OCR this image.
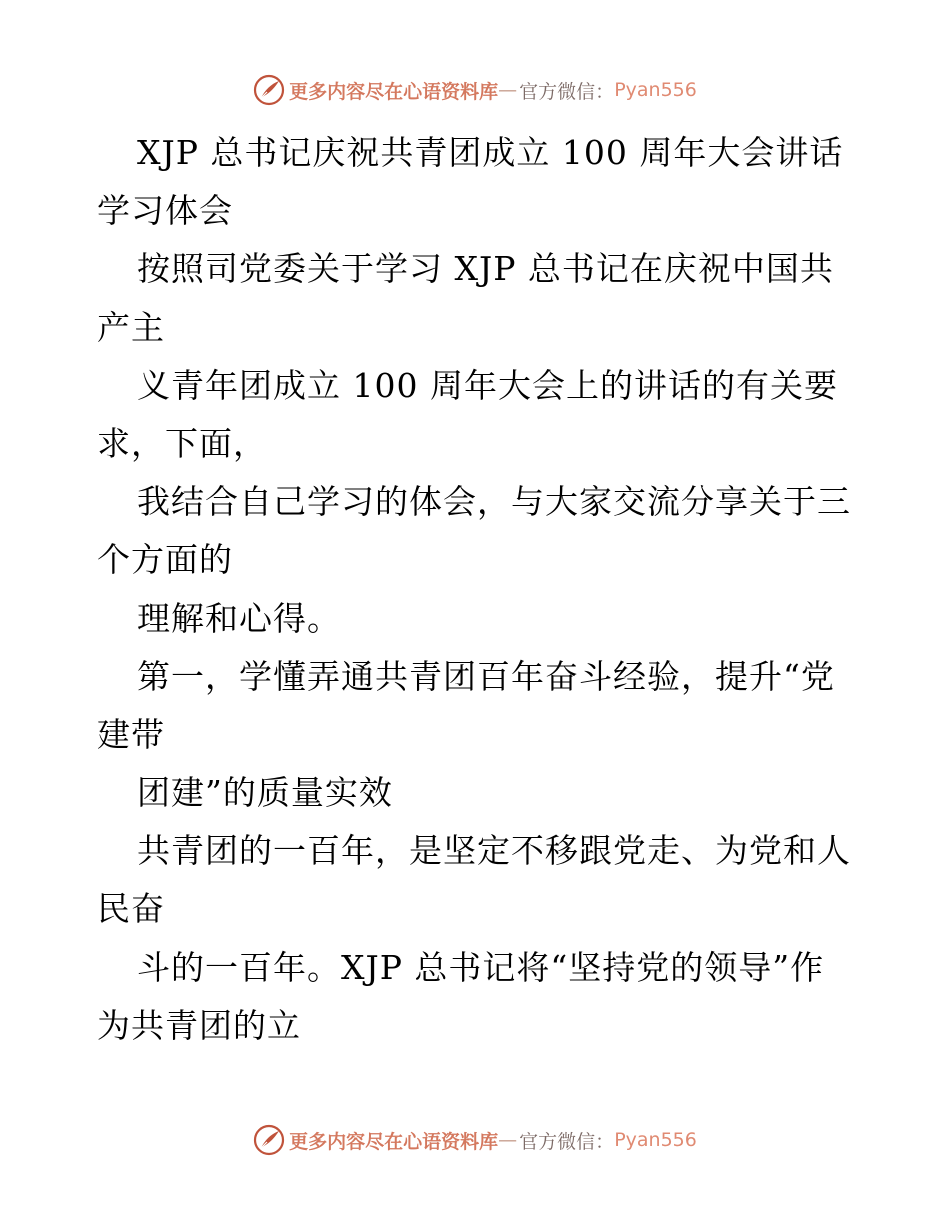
更多内容尽在心语资料库 — 官方微信： Pyan556
XJP 总书记庆祝共青团成立 100 周年大会讲话
学习体会
按照司党委关于学习 XJP 总书记在庆祝中国共
产主
义青年团成立 100 周年大会上的讲话的有关要
求，下面，
我结合自己学习的体会，与大家交流分享关于三
个方面的
理解和心得。
第一，学懂弄通共青团百年奋斗经验，提升“党
建带
团建”的质量实效
共青团的一百年，是坚定不移跟党走、为党和人
民奋
斗的一百年。XJP 总书记将“坚持党的领导”作
为共青团的立
更多内容尽在心语资料库 — 官方微信： Pyan556
